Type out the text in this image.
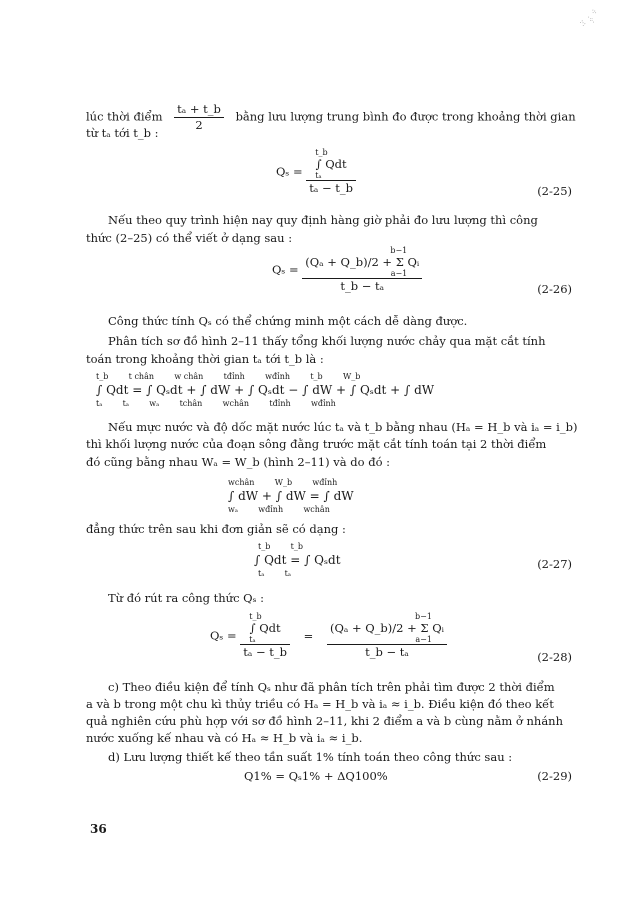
·:·
·⁘·
:·:
lúc thời điểm $\frac{\text{tₐ + t\_b}}{2}$ bằng lưu lượng trung bình đo được trong khoảng thời gian
từ tₐ tới t_b :
Qₛ = t_b
∫ Qdt
tₐ
tₐ − t_b	(2-25)
Nếu theo quy trình hiện nay quy định hàng giờ phải đo lưu lượng thì công
thức (2–25) có thể viết ở dạng sau :
Qₛ = b−1
(Qₐ + Q_b)/2 + Σ Qᵢ
a−1
t_b − tₐ	(2-26)
Công thức tính Qₛ có thể chứng minh một cách dễ dàng được.
Phân tích sơ đồ hình 2–11 thấy tổng khối lượng nước chảy qua mặt cắt tính
toán trong khoảng thời gian tₐ tới t_b là :
t_b        t chân        w chân        tđỉnh        wđỉnh        t_b        W_b
∫ Qdt = ∫ Qₛdt + ∫ dW + ∫ Qₛdt − ∫ dW + ∫ Qₛdt + ∫ dW
tₐ        tₐ        wₐ        tchân        wchân        tđỉnh        wđỉnh
Nếu mực nước và độ dốc mặt nước lúc tₐ và t_b bằng nhau (Hₐ = H_b và iₐ = i_b)
thì khối lượng nước của đoạn sông đằng trước mặt cắt tính toán tại 2 thời điểm
đó cũng bằng nhau Wₐ = W_b (hình 2–11) và do đó :
wchân        W_b        wđỉnh
∫ dW + ∫ dW = ∫ dW
wₐ        wđỉnh        wchân
đẳng thức trên sau khi đơn giản sẽ có dạng :
t_b        t_b
∫ Qdt = ∫ Qₛdt
tₐ        tₐ
(2-27)
Từ đó rút ra công thức Qₛ :
Qₛ = t_b
∫ Qdt
tₐ
tₐ − t_b = b−1
(Qₐ + Q_b)/2 + Σ Qᵢ
a−1
t_b − tₐ	(2-28)
c) Theo điều kiện để tính Qₛ như đã phân tích trên phải tìm được 2 thời điểm
a và b trong một chu kì thủy triều có Hₐ = H_b và iₐ ≈ i_b. Điều kiện đó theo kết
quả nghiên cứu phù hợp với sơ đồ hình 2–11, khi 2 điểm a và b cùng nằm ở nhánh
nước xuống kế nhau và có Hₐ ≈ H_b và iₐ ≈ i_b.
d) Lưu lượng thiết kế theo tần suất 1% tính toán theo công thức sau :
Q1% = Qₛ1% + ΔQ100%	(2-29)
36
